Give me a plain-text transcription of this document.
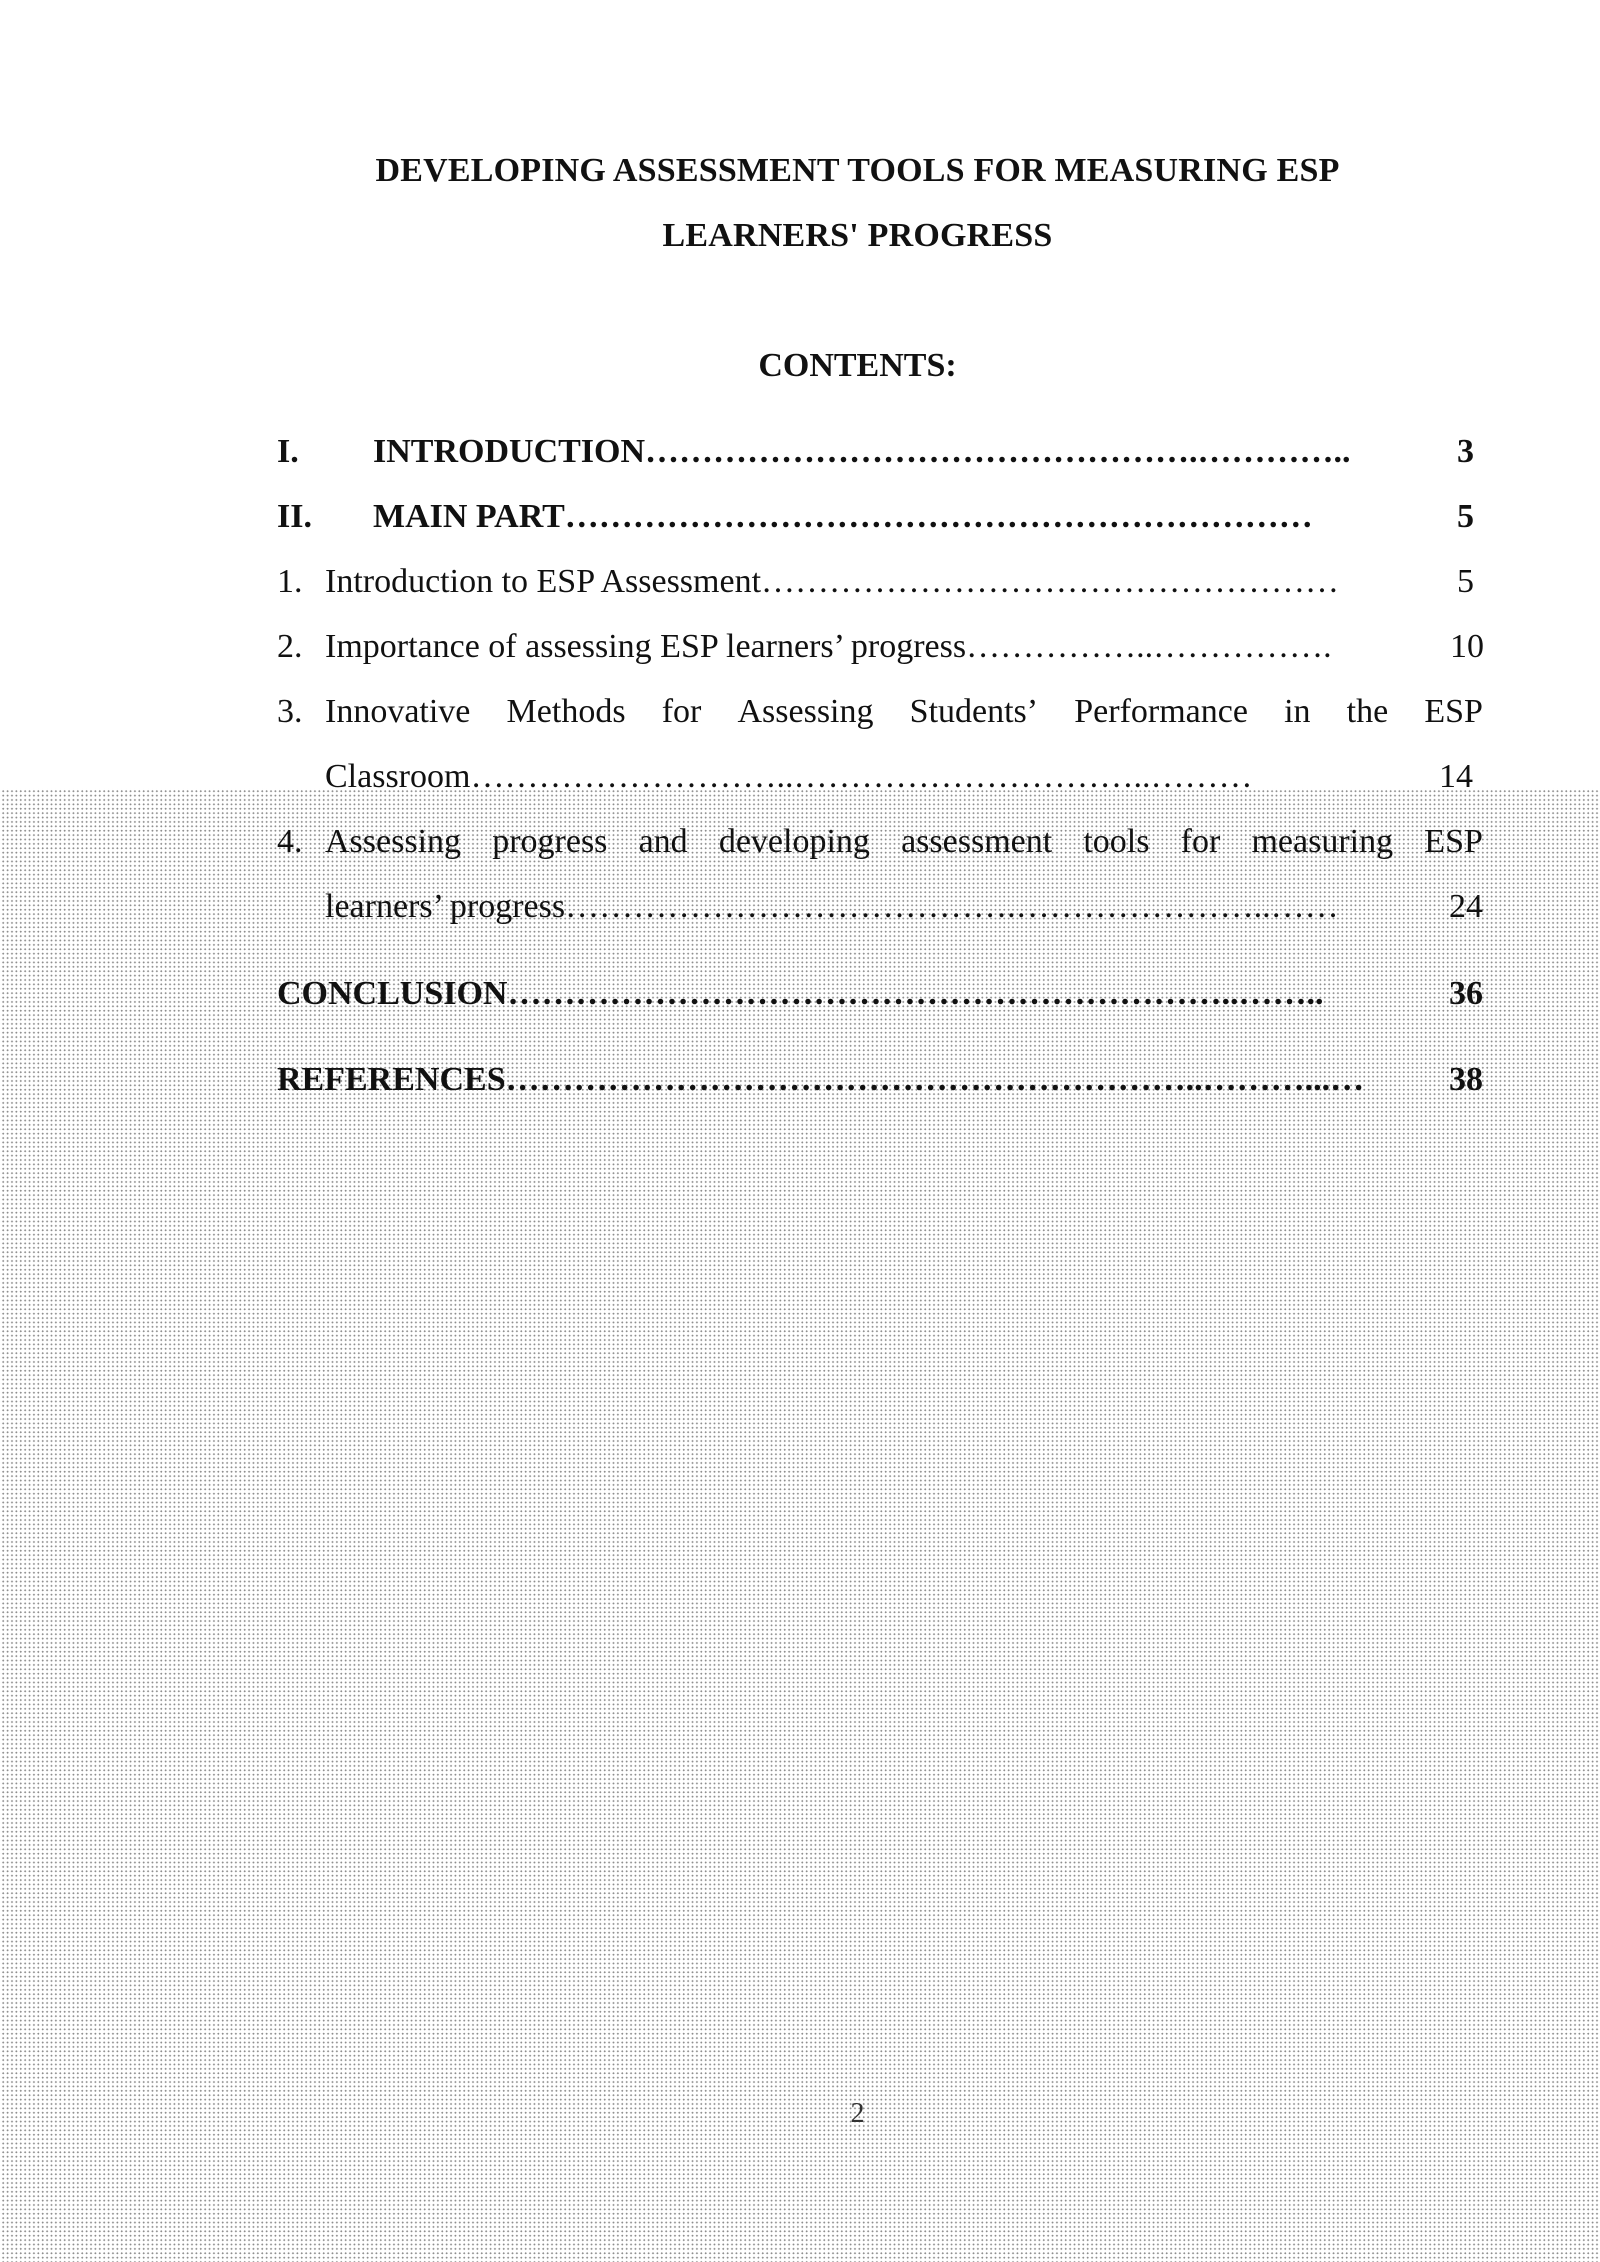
DEVELOPING ASSESSMENT TOOLS FOR MEASURING ESP
LEARNERS' PROGRESS
CONTENTS:
I.	INTRODUCTION ………………………………………….…………..	3
II.	MAIN PART …………………………………………………………	5
1. Introduction to ESP Assessment ……………………………………………	5
2. Importance of assessing ESP learners’ progress ……………..…………….	10
3. Innovative Methods for Assessing Students’ Performance in the ESP
Classroom ………………………..…………………………..………	14
4. Assessing progress and developing assessment tools for measuring ESP
learners’ progress ………………………………….…………………..……	24
CONCLUSION ………………………………………………………..……..	36
REFERENCES ……………………………………………………..………...…	38
2
